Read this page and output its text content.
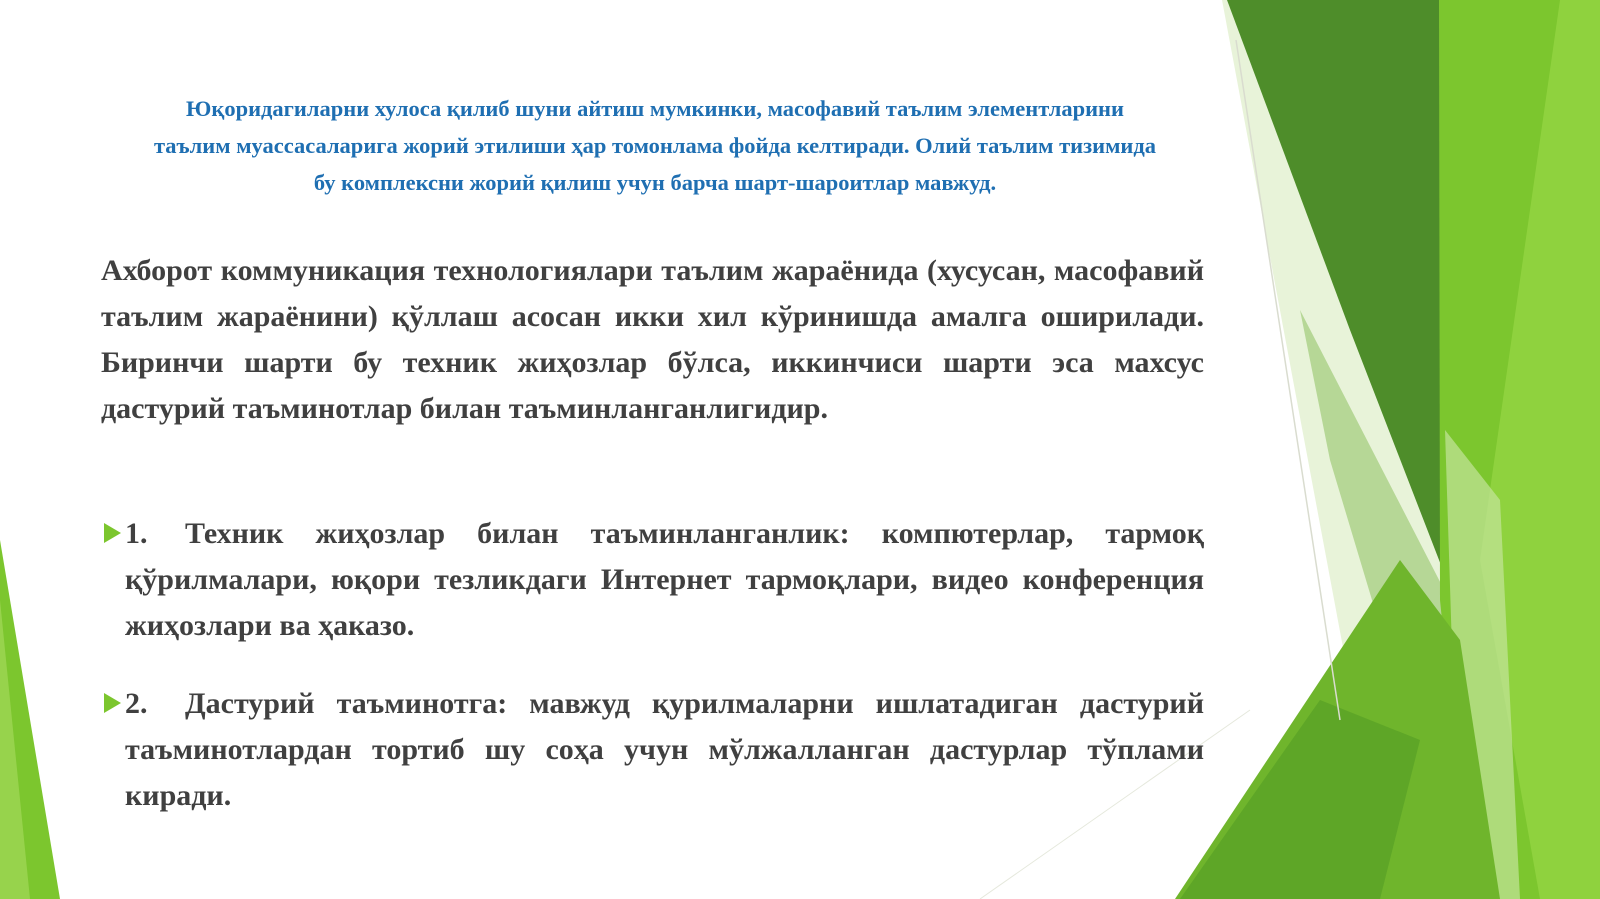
Юқоридагиларни хулоса қилиб шуни айтиш мумкинки, масофавий таълим элементларини таълим муассасаларига жорий этилиши ҳар томонлама фойда келтиради. Олий таълим тизимида бу комплексни жорий қилиш учун барча шарт-шароитлар мавжуд.

Ахборот коммуникация технологиялари таълим жараёнида (хусусан, масофавий таълим жараёнини) қўллаш асосан икки хил кўринишда амалга оширилади. Биринчи шарти бу техник жиҳозлар бўлса, иккинчиси шарти эса махсус дастурий таъминотлар билан таъминланганлигидир.

1. Техник жиҳозлар билан таъминланганлик: компютерлар, тармоқ қўрилмалари, юқори тезликдаги Интернет тармоқлари, видео конференция жиҳозлари ва ҳаказо.

2. Дастурий таъминотга: мавжуд қурилмаларни ишлатадиган дастурий таъминотлардан тортиб шу соҳа учун мўлжалланган дастурлар тўплами киради.
